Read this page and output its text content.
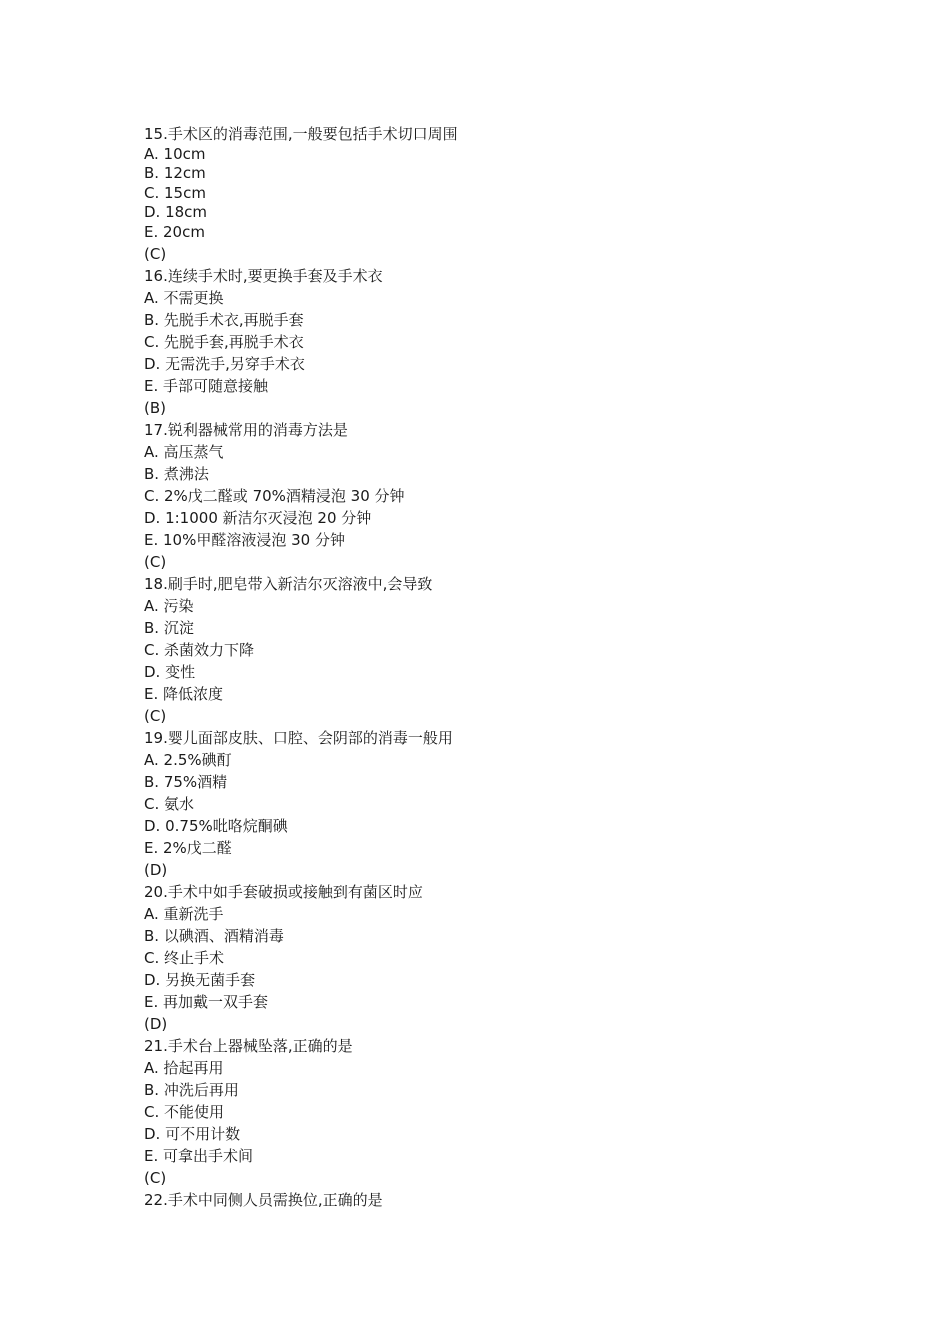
15.手术区的消毒范围,一般要包括手术切口周围
A. 10cm
B. 12cm
C. 15cm
D. 18cm
E. 20cm
(C)
16.连续手术时,要更换手套及手术衣
A. 不需更换
B. 先脱手术衣,再脱手套
C. 先脱手套,再脱手术衣
D. 无需洗手,另穿手术衣
E. 手部可随意接触
(B)
17.锐利器械常用的消毒方法是
A. 高压蒸气
B. 煮沸法
C. 2%戊二醛或 70%酒精浸泡 30 分钟
D. 1:1000 新洁尔灭浸泡 20 分钟
E. 10%甲醛溶液浸泡 30 分钟
(C)
18.刷手时,肥皂带入新洁尔灭溶液中,会导致
A. 污染
B. 沉淀
C. 杀菌效力下降
D. 变性
E. 降低浓度
(C)
19.婴儿面部皮肤、口腔、会阴部的消毒一般用
A. 2.5%碘酊
B. 75%酒精
C. 氨水
D. 0.75%吡咯烷酮碘
E. 2%戊二醛
(D)
20.手术中如手套破损或接触到有菌区时应
A. 重新洗手
B. 以碘酒、酒精消毒
C. 终止手术
D. 另换无菌手套
E. 再加戴一双手套
(D)
21.手术台上器械坠落,正确的是
A. 拾起再用
B. 冲洗后再用
C. 不能使用
D. 可不用计数
E. 可拿出手术间
(C)
22.手术中同侧人员需换位,正确的是
